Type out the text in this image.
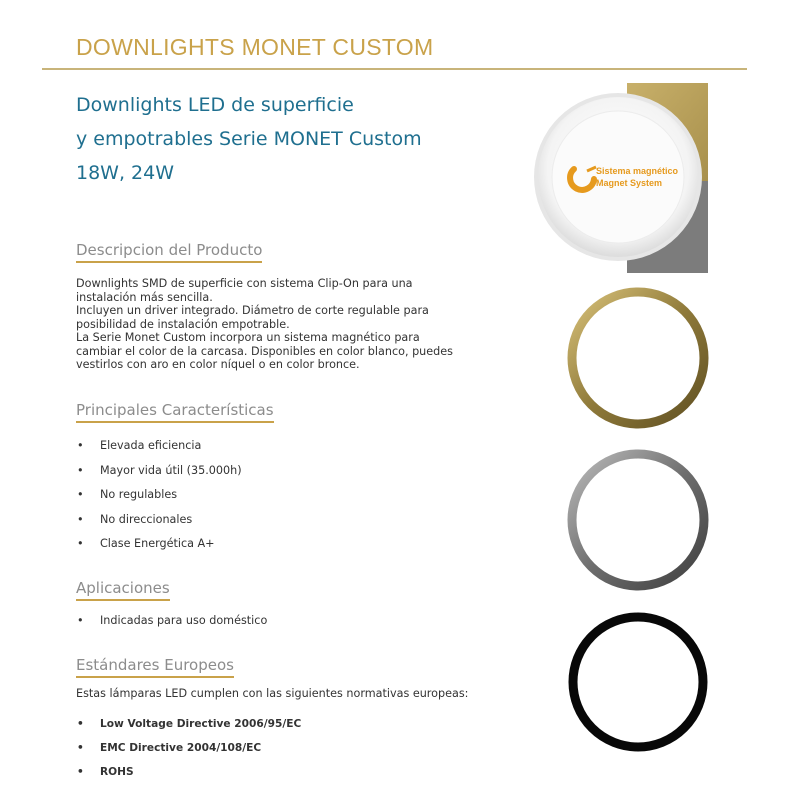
DOWNLIGHTS MONET CUSTOM
Downlights LED de superficie
y empotrables Serie MONET Custom
18W, 24W	Sistema magnético
Magnet System
Descripcion del Producto
Downlights SMD de superficie con sistema Clip-On para una
instalación más sencilla.
Incluyen un driver integrado. Diámetro de corte regulable para
posibilidad de instalación empotrable.
La Serie Monet Custom incorpora un sistema magnético para
cambiar el color de la carcasa. Disponibles en color blanco, puedes
vestirlos con aro en color níquel o en color bronce.
Principales Características
• Elevada eficiencia
• Mayor vida útil (35.000h)
• No regulables
• No direccionales
• Clase Energética A+
Aplicaciones
• Indicadas para uso doméstico
Estándares Europeos
Estas lámparas LED cumplen con las siguientes normativas europeas:
• Low Voltage Directive 2006/95/EC
• EMC Directive 2004/108/EC
• ROHS
